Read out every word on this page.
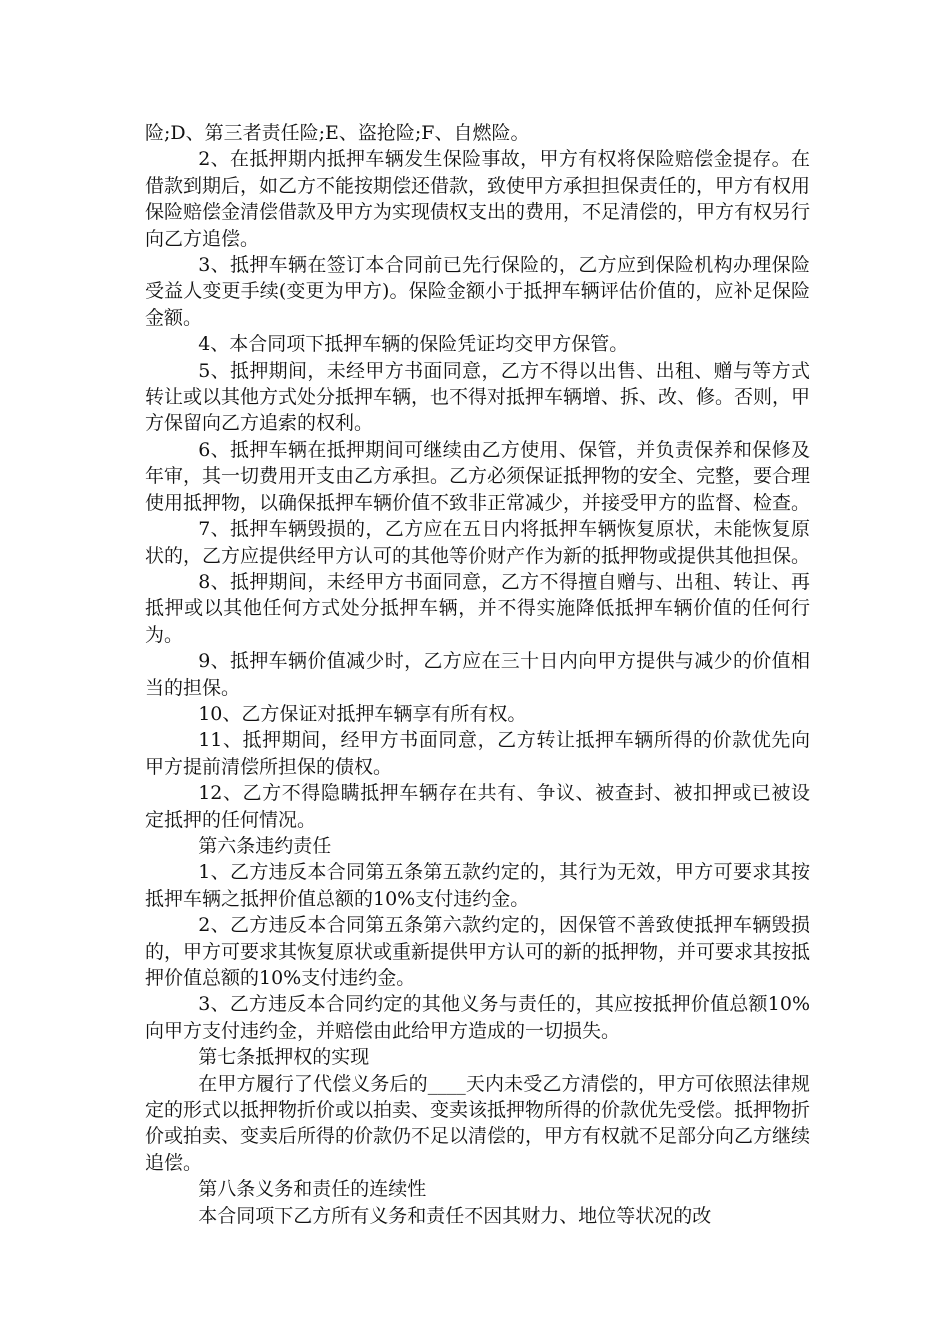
险;D、第三者责任险;E、盗抢险;F、自燃险。

2、在抵押期内抵押车辆发生保险事故，甲方有权将保险赔偿金提存。在借款到期后，如乙方不能按期偿还借款，致使甲方承担担保责任的，甲方有权用保险赔偿金清偿借款及甲方为实现债权支出的费用，不足清偿的，甲方有权另行向乙方追偿。

3、抵押车辆在签订本合同前已先行保险的，乙方应到保险机构办理保险受益人变更手续(变更为甲方)。保险金额小于抵押车辆评估价值的，应补足保险金额。

4、本合同项下抵押车辆的保险凭证均交甲方保管。

5、抵押期间，未经甲方书面同意，乙方不得以出售、出租、赠与等方式转让或以其他方式处分抵押车辆，也不得对抵押车辆增、拆、改、修。否则，甲方保留向乙方追索的权利。

6、抵押车辆在抵押期间可继续由乙方使用、保管，并负责保养和保修及年审，其一切费用开支由乙方承担。乙方必须保证抵押物的安全、完整，要合理使用抵押物，以确保抵押车辆价值不致非正常减少，并接受甲方的监督、检查。

7、抵押车辆毁损的，乙方应在五日内将抵押车辆恢复原状，未能恢复原状的，乙方应提供经甲方认可的其他等价财产作为新的抵押物或提供其他担保。

8、抵押期间，未经甲方书面同意，乙方不得擅自赠与、出租、转让、再抵押或以其他任何方式处分抵押车辆，并不得实施降低抵押车辆价值的任何行为。

9、抵押车辆价值减少时，乙方应在三十日内向甲方提供与减少的价值相当的担保。

10、乙方保证对抵押车辆享有所有权。

11、抵押期间，经甲方书面同意，乙方转让抵押车辆所得的价款优先向甲方提前清偿所担保的债权。

12、乙方不得隐瞒抵押车辆存在共有、争议、被查封、被扣押或已被设定抵押的任何情况。

第六条违约责任

1、乙方违反本合同第五条第五款约定的，其行为无效，甲方可要求其按抵押车辆之抵押价值总额的10%支付违约金。

2、乙方违反本合同第五条第六款约定的，因保管不善致使抵押车辆毁损的，甲方可要求其恢复原状或重新提供甲方认可的新的抵押物，并可要求其按抵押价值总额的10%支付违约金。

3、乙方违反本合同约定的其他义务与责任的，其应按抵押价值总额10%向甲方支付违约金，并赔偿由此给甲方造成的一切损失。

第七条抵押权的实现

在甲方履行了代偿义务后的____天内未受乙方清偿的，甲方可依照法律规定的形式以抵押物折价或以拍卖、变卖该抵押物所得的价款优先受偿。抵押物折价或拍卖、变卖后所得的价款仍不足以清偿的，甲方有权就不足部分向乙方继续追偿。

第八条义务和责任的连续性

本合同项下乙方所有义务和责任不因其财力、地位等状况的改
